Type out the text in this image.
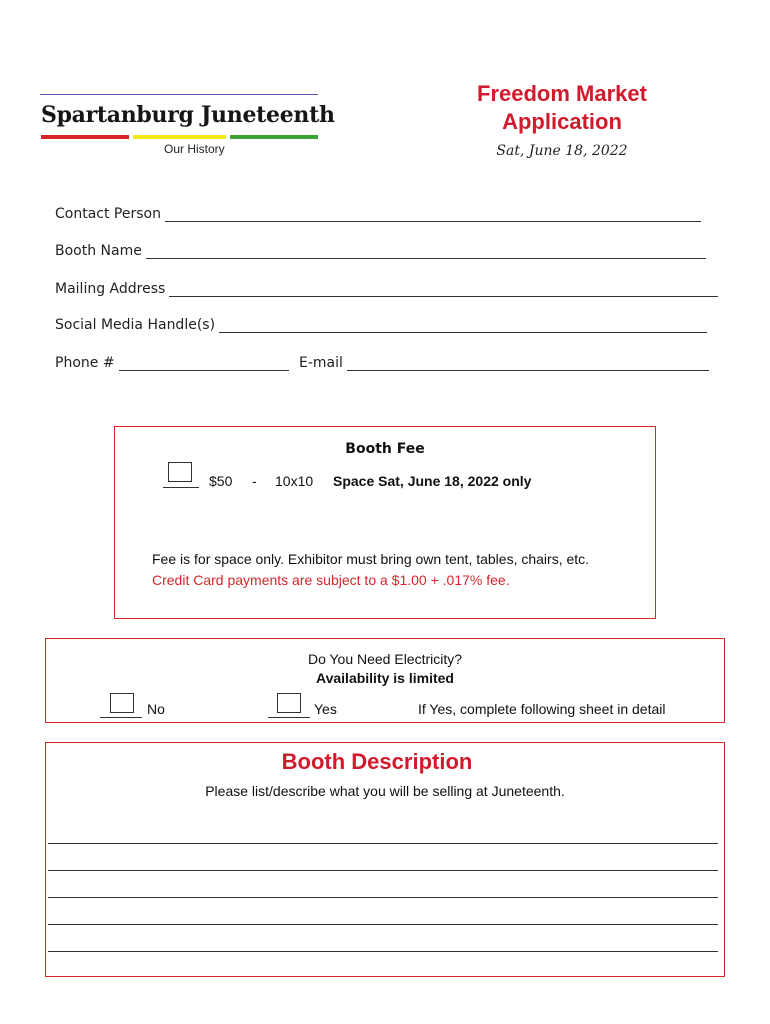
Spartanburg Juneteenth
Our History
Freedom Market
Application
Sat, June 18, 2022
Contact Person
Booth Name
Mailing Address
Social Media Handle(s)
Phone #	E-mail
Booth Fee
$50 - 10x10 Space Sat, June 18, 2022 only
Fee is for space only. Exhibitor must bring own tent, tables, chairs, etc.
Credit Card payments are subject to a $1.00 + .017% fee.
Do You Need Electricity?
Availability is limited
No	Yes	If Yes, complete following sheet in detail
Booth Description
Please list/describe what you will be selling at Juneteenth.
